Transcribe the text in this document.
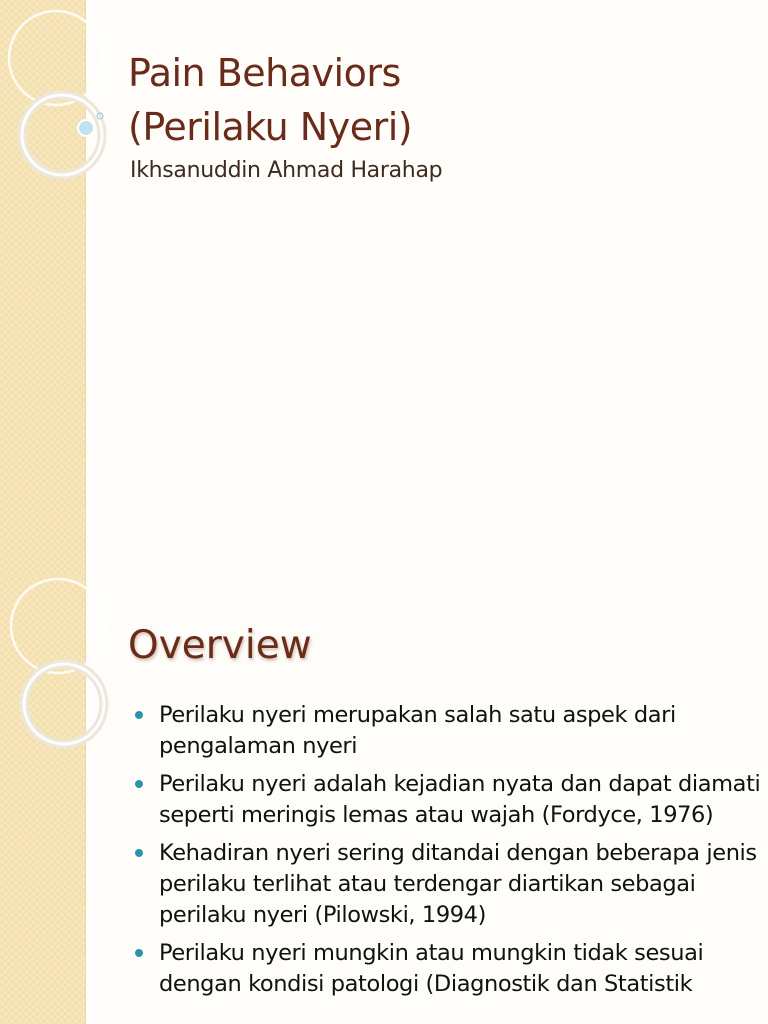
Pain Behaviors
(Perilaku Nyeri)

Ikhsanuddin Ahmad Harahap

Overview
Perilaku nyeri merupakan salah satu aspek dari pengalaman nyeri
Perilaku nyeri adalah kejadian nyata dan dapat diamati seperti meringis lemas atau wajah (Fordyce, 1976)
Kehadiran nyeri sering ditandai dengan beberapa jenis perilaku terlihat atau terdengar diartikan sebagai perilaku nyeri (Pilowski, 1994)
Perilaku nyeri mungkin atau mungkin tidak sesuai dengan kondisi patologi (Diagnostik dan Statistik
